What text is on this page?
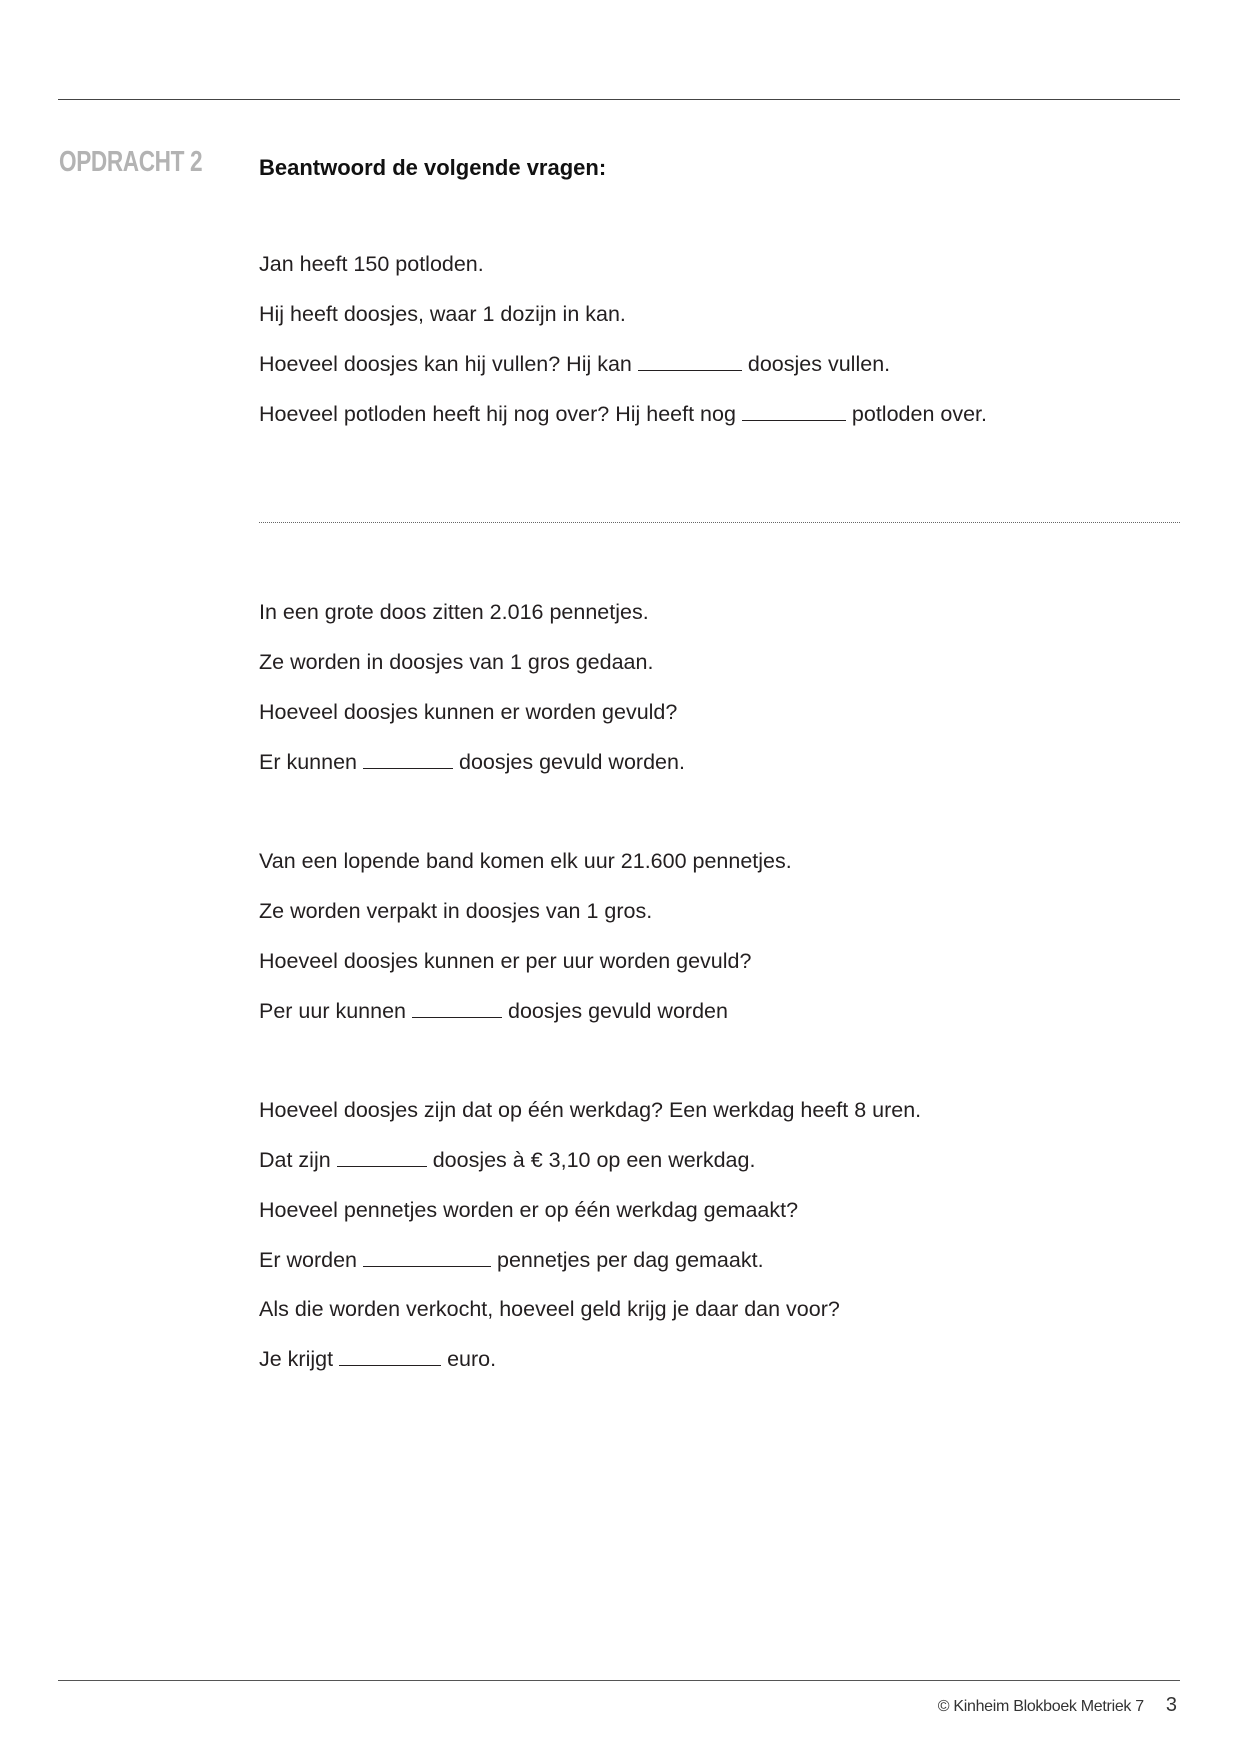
OPDRACHT 2	Beantwoord de volgende vragen:
Jan heeft 150 potloden.
Hij heeft doosjes, waar 1 dozijn in kan.
Hoeveel doosjes kan hij vullen? Hij kan	doosjes vullen.
Hoeveel potloden heeft hij nog over? Hij heeft nog	potloden over.
In een grote doos zitten 2.016 pennetjes.
Ze worden in doosjes van 1 gros gedaan.
Hoeveel doosjes kunnen er worden gevuld?
Er kunnen	doosjes gevuld worden.
Van een lopende band komen elk uur 21.600 pennetjes.
Ze worden verpakt in doosjes van 1 gros.
Hoeveel doosjes kunnen er per uur worden gevuld?
Per uur kunnen	doosjes gevuld worden
Hoeveel doosjes zijn dat op één werkdag? Een werkdag heeft 8 uren.
Dat zijn	doosjes à € 3,10 op een werkdag.
Hoeveel pennetjes worden er op één werkdag gemaakt?
Er worden	pennetjes per dag gemaakt.
Als die worden verkocht, hoeveel geld krijg je daar dan voor?
Je krijgt	euro.
© Kinheim Blokboek Metriek 7 3
